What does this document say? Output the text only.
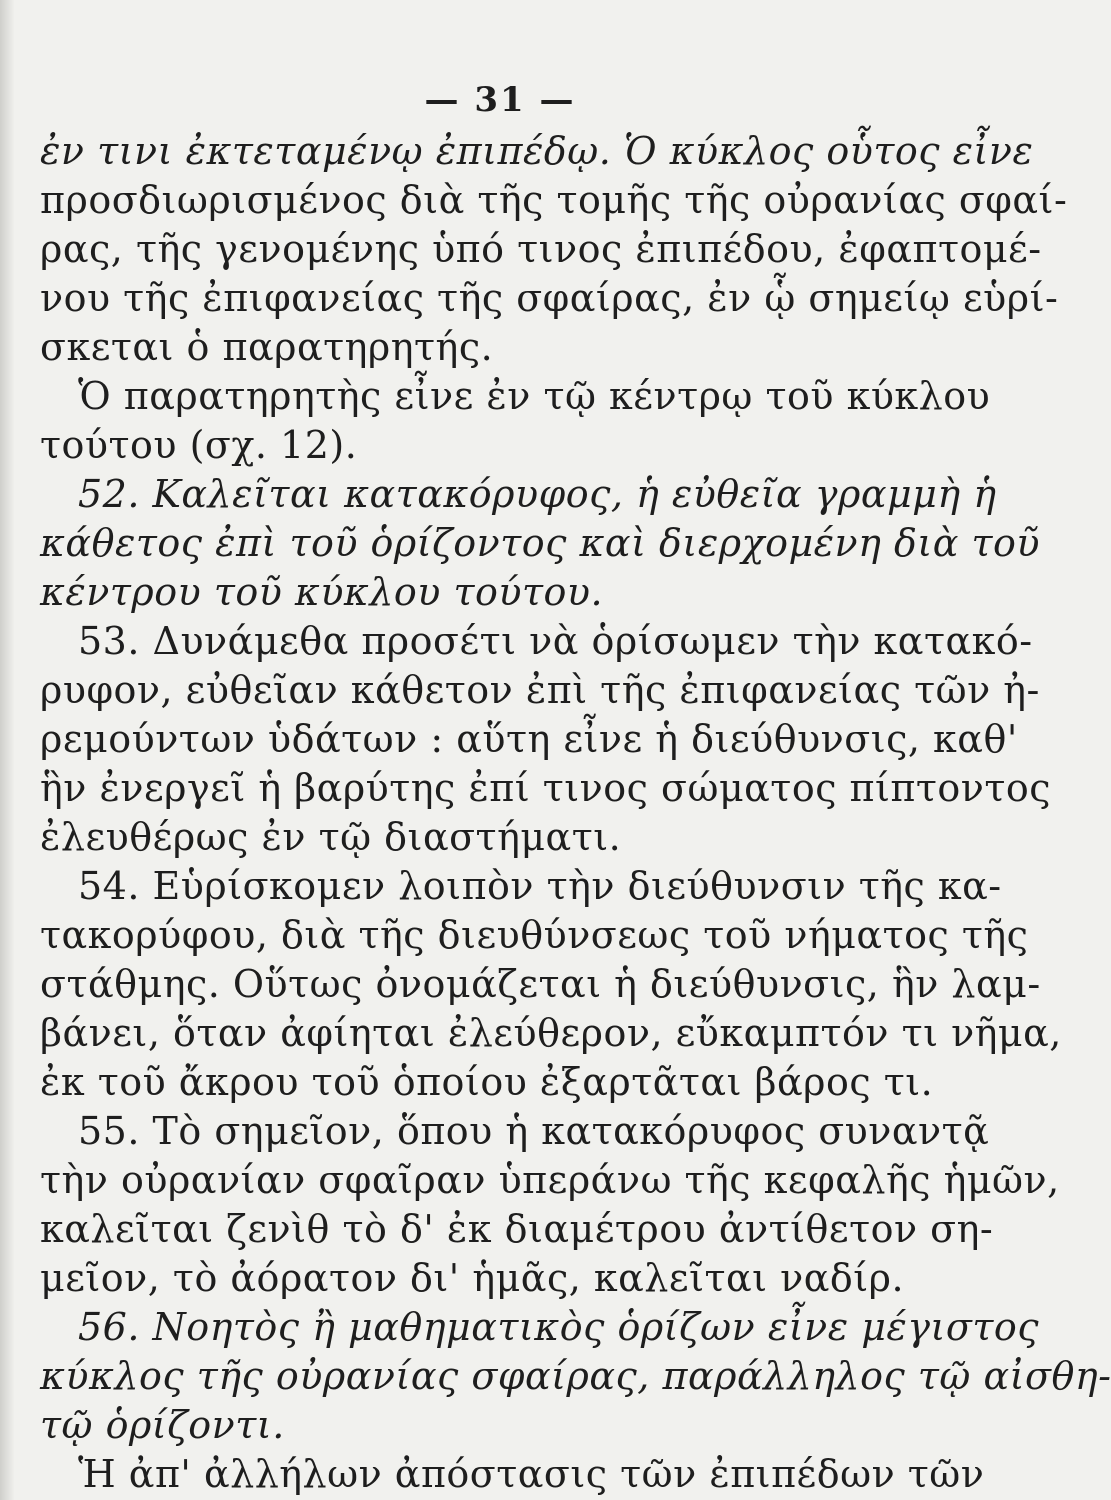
— 31 —
ἐν τινι ἐκτεταμένῳ ἐπιπέδῳ. Ὁ κύκλος οὗτος εἶνε
προσδιωρισμένος διὰ τῆς τομῆς τῆς οὐρανίας σφαί-
ρας, τῆς γενομένης ὑπό τινος ἐπιπέδου, ἐφαπτομέ-
νου τῆς ἐπιφανείας τῆς σφαίρας, ἐν ᾧ σημείῳ εὑρί-
σκεται ὁ παρατηρητής.
Ὁ παρατηρητὴς εἶνε ἐν τῷ κέντρῳ τοῦ κύκλου
τούτου (σχ. 12).
52. Καλεῖται κατακόρυφος, ἡ εὐθεῖα γραμμὴ ἡ
κάθετος ἐπὶ τοῦ ὁρίζοντος καὶ διερχομένη διὰ τοῦ
κέντρου τοῦ κύκλου τούτου.
53. Δυνάμεθα προσέτι νὰ ὁρίσωμεν τὴν κατακό-
ρυφον, εὐθεῖαν κάθετον ἐπὶ τῆς ἐπιφανείας τῶν ἠ-
ρεμούντων ὑδάτων : αὕτη εἶνε ἡ διεύθυνσις, καθ'
ἣν ἐνεργεῖ ἡ βαρύτης ἐπί τινος σώματος πίπτοντος
ἐλευθέρως ἐν τῷ διαστήματι.
54. Εὑρίσκομεν λοιπὸν τὴν διεύθυνσιν τῆς κα-
τακορύφου, διὰ τῆς διευθύνσεως τοῦ νήματος τῆς
στάθμης. Οὕτως ὀνομάζεται ἡ διεύθυνσις, ἣν λαμ-
βάνει, ὅταν ἀφίηται ἐλεύθερον, εὔκαμπτόν τι νῆμα,
ἐκ τοῦ ἄκρου τοῦ ὁποίου ἐξαρτᾶται βάρος τι.
55. Τὸ σημεῖον, ὅπου ἡ κατακόρυφος συναντᾷ
τὴν οὐρανίαν σφαῖραν ὑπεράνω τῆς κεφαλῆς ἡμῶν,
καλεῖται ζενὶθ τὸ δ' ἐκ διαμέτρου ἀντίθετον ση-
μεῖον, τὸ ἀόρατον δι' ἡμᾶς, καλεῖται ναδίρ.
56. Νοητὸς ἢ μαθηματικὸς ὁρίζων εἶνε μέγιστος
κύκλος τῆς οὐρανίας σφαίρας, παράλληλος τῷ αἰσθη-
τῷ ὁρίζοντι.
Ἡ ἀπ' ἀλλήλων ἀπόστασις τῶν ἐπιπέδων τῶν
